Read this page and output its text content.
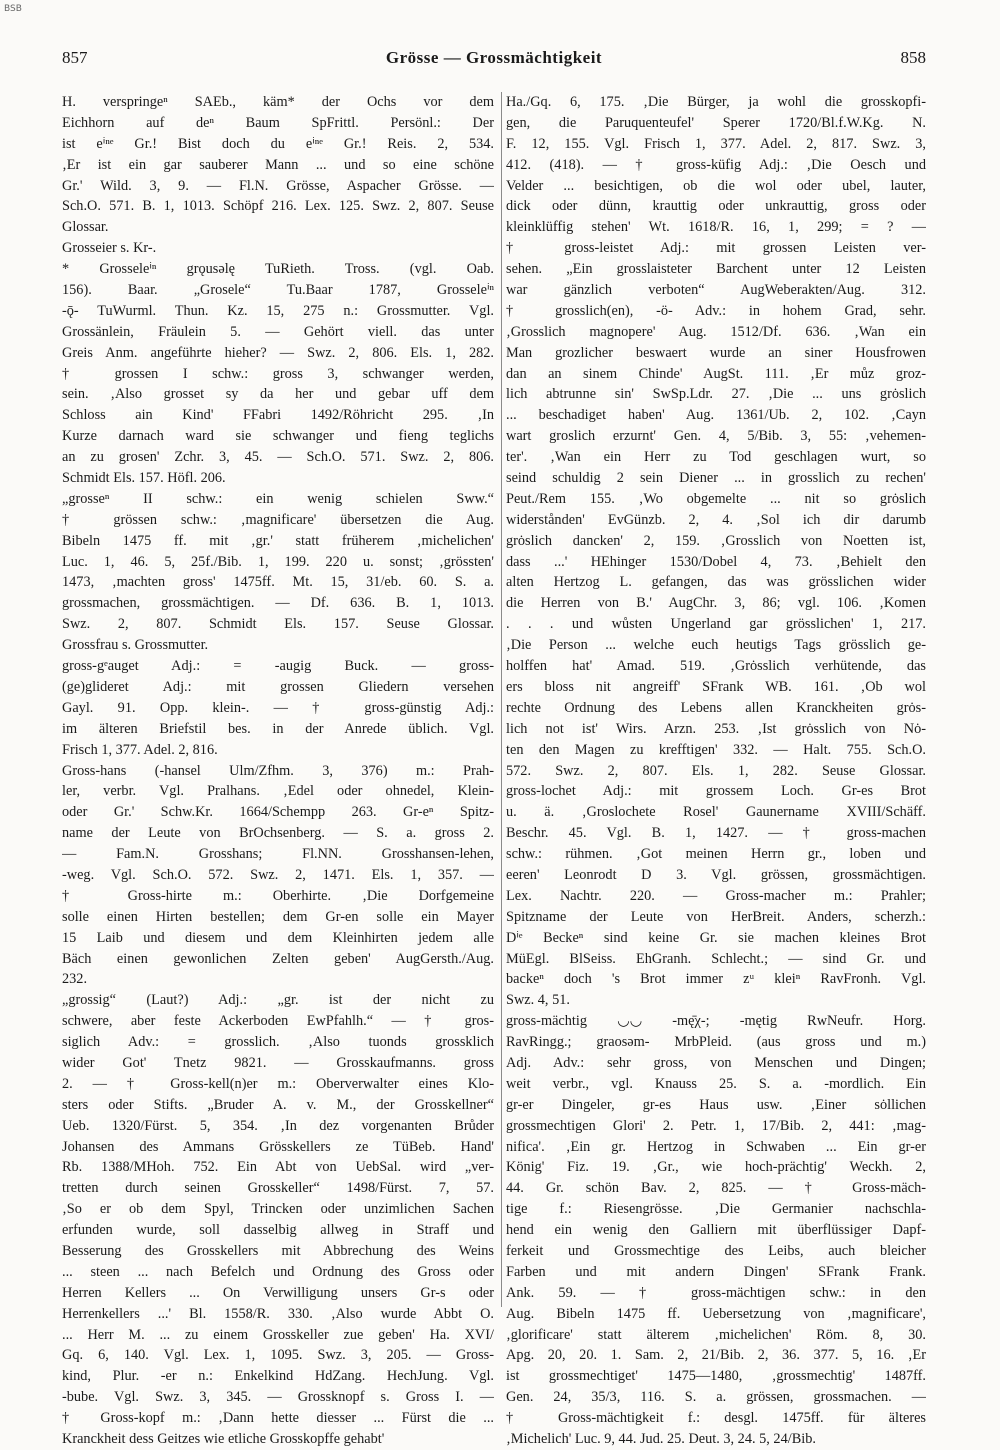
BSB
857	Grösse — Grossmächtigkeit	858
H. verspringeⁿ SAEb., käm* der Ochs vor dem
Eichhorn auf deⁿ Baum SpFrittl. Persönl.: Der
ist eⁱⁿᵉ Gr.! Bist doch du eⁱⁿᵉ Gr.! Reis. 2, 534.
‚Er ist ein gar sauberer Mann ... und so eine schöne
Gr.' Wild. 3, 9. — Fl.N. Grösse, Aspacher Grösse. —
Sch.O. 571. B. 1, 1013. Schöpf 216. Lex. 125. Swz. 2, 807. Seuse
Glossar.
Grosseier s. Kr-.
* Grosseleⁱⁿ grǫusəlę TuRieth. Tross. (vgl. Oab.
156). Baar. „Grosele“ Tu.Baar 1787, Grosseleⁱⁿ
-ǭ- TuWurml. Thun. Kz. 15, 275 n.: Grossmutter. Vgl.
Grossänlein, Fräulein 5. — Gehört viell. das unter
Greis Anm. angeführte hieher? — Swz. 2, 806. Els. 1, 282.
† grossen I schw.: gross 3, schwanger werden,
sein. ‚Also grosset sy da her und gebar uff dem
Schloss ain Kind' FFabri 1492/Röhricht 295. ‚In
Kurze darnach ward sie schwanger und fieng teglichs
an zu grosen' Zchr. 3, 45. — Sch.O. 571. Swz. 2, 806.
Schmidt Els. 157. Höfl. 206.
„grosseⁿ II schw.: ein wenig schielen Sww.“
† grössen schw.: ‚magnificare' übersetzen die Aug.
Bibeln 1475 ff. mit ‚gr.' statt früherem ‚michelichen'
Luc. 1, 46. 5, 25f./Bib. 1, 199. 220 u. sonst; ‚grössten'
1473, ‚machten gross' 1475ff. Mt. 15, 31/eb. 60. S. a.
grossmachen, grossmächtigen. — Df. 636. B. 1, 1013.
Swz. 2, 807. Schmidt Els. 157. Seuse Glossar.
Grossfrau s. Grossmutter.
gross-gᵉauget Adj.: = -augig Buck. — gross-
(ge)glideret Adj.: mit grossen Gliedern versehen
Gayl. 91. Opp. klein-. — † gross-günstig Adj.:
im älteren Briefstil bes. in der Anrede üblich. Vgl.
Frisch 1, 377. Adel. 2, 816.
Gross-hans (-hansel Ulm/Zfhm. 3, 376) m.: Prah-
ler, verbr. Vgl. Pralhans. ‚Edel oder ohnedel, Klein-
oder Gr.' Schw.Kr. 1664/Schempp 263. Gr-eⁿ Spitz-
name der Leute von BrOchsenberg. — S. a. gross 2.
— Fam.N. Grosshans; Fl.NN. Grosshansen-lehen,
-weg. Vgl. Sch.O. 572. Swz. 2, 1471. Els. 1, 357. —
† Gross-hirte m.: Oberhirte. ‚Die Dorfgemeine
solle einen Hirten bestellen; dem Gr-en solle ein Mayer
15 Laib und diesem und dem Kleinhirten jedem alle
Bäch einen gewonlichen Zelten geben' AugGersth./Aug.
232.
„grossig“ (Laut?) Adj.: „gr. ist der nicht zu
schwere, aber feste Ackerboden EwPfahlh.“ — † gros-
siglich Adv.: = grosslich. ‚Also tuonds grossklich
wider Got' Tnetz 9821. — Grosskaufmanns. gross
2. — † Gross-kell(n)er m.: Oberverwalter eines Klo-
sters oder Stifts. „Bruder A. v. M., der Grosskellner“
Ueb. 1320/Fürst. 5, 354. ‚In dez vorgenanten Brůder
Johansen des Ammans Grösskellers ze TüBeb. Hand'
Rb. 1388/MHoh. 752. Ein Abt von UebSal. wird „ver-
tretten durch seinen Grosskeller“ 1498/Fürst. 7, 57.
‚So er ob dem Spyl, Trincken oder unzimlichen Sachen
erfunden wurde, soll dasselbig allweg in Straff und
Besserung des Grosskellers mit Abbrechung des Weins
... steen ... nach Befelch und Ordnung des Gross oder
Herren Kellers ... On Verwilligung unsers Gr-s oder
Herrenkellers ...' Bl. 1558/R. 330. ‚Also wurde Abbt O.
... Herr M. ... zu einem Grosskeller zue geben' Ha. XVI/
Gq. 6, 140. Vgl. Lex. 1, 1095. Swz. 3, 205. — Gross-
kind, Plur. -er n.: Enkelkind HdZang. HechJung. Vgl.
-bube. Vgl. Swz. 3, 345. — Grossknopf s. Gross I. —
† Gross-kopf m.: ‚Dann hette diesser ... Fürst die ...
Kranckheit dess Geitzes wie etliche Grosskopffe gehabt'
Ha./Gq. 6, 175. ‚Die Bürger, ja wohl die grosskopfi-
gen, die Paruquenteufel' Sperer 1720/Bl.f.W.Kg. N.
F. 12, 155. Vgl. Frisch 1, 377. Adel. 2, 817. Swz. 3,
412. (418). — † gross-küfig Adj.: ‚Die Oesch und
Velder ... besichtigen, ob die wol oder ubel, lauter,
dick oder dünn, krauttig oder unkrauttig, gross oder
kleinklüffig stehen' Wt. 1618/R. 16, 1, 299; = ? —
† gross-leistet Adj.: mit grossen Leisten ver-
sehen. „Ein grosslaisteter Barchent unter 12 Leisten
war gänzlich verboten“ AugWeberakten/Aug. 312.
† grosslich(en), -ö- Adv.: in hohem Grad, sehr.
‚Grosslich magnopere' Aug. 1512/Df. 636. ‚Wan ein
Man grozlicher beswaert wurde an siner Housfrowen
dan an sinem Chinde' AugSt. 111. ‚Er můz groz-
lich abtrunne sin' SwSp.Ldr. 27. ‚Die ... uns grȯslich
... beschadiget haben' Aug. 1361/Ub. 2, 102. ‚Cayn
wart groslich erzurnt' Gen. 4, 5/Bib. 3, 55: ‚vehemen-
ter'. ‚Wan ein Herr zu Tod geschlagen wurt, so
seind schuldig 2 sein Diener ... in grosslich zu rechen'
Peut./Rem 155. ‚Wo obgemelte ... nit so grȯslich
widerstånden' EvGünzb. 2, 4. ‚Sol ich dir darumb
grȯslich dancken' 2, 159. ‚Grosslich von Noetten ist,
dass ...' HEhinger 1530/Dobel 4, 73. ‚Behielt den
alten Hertzog L. gefangen, das was grösslichen wider
die Herren von B.' AugChr. 3, 86; vgl. 106. ‚Komen
. . . und wůsten Ungerland gar grösslichen' 1, 217.
‚Die Person ... welche euch heutigs Tags grösslich ge-
holffen hat' Amad. 519. ‚Grȯsslich verhütende, das
ers bloss nit angreiff' SFrank WB. 161. ‚Ob wol
rechte Ordnung des Lebens allen Kranckheiten grȯs-
lich not ist' Wirs. Arzn. 253. ‚Ist grȯsslich von Nȯ-
ten den Magen zu krefftigen' 332. — Halt. 755. Sch.O.
572. Swz. 2, 807. Els. 1, 282. Seuse Glossar.
gross-lochet Adj.: mit grossem Loch. Gr-es Brot
u. ä. ‚Groslochete Rosel' Gaunername XVIII/Schäff.
Beschr. 45. Vgl. B. 1, 1427. — † gross-machen
schw.: rühmen. ‚Got meinen Herrn gr., loben und
eeren' Leonrodt D 3. Vgl. grössen, grossmächtigen.
Lex. Nachtr. 220. — Gross-macher m.: Prahler;
Spitzname der Leute von HerBreit. Anders, scherzh.:
Dⁱᵉ Beckeⁿ sind keine Gr. sie machen kleines Brot
MüEgl. BlSeiss. EhGranh. Schlecht.; — sind Gr. und
backeⁿ doch 's Brot immer zᵘ kleiⁿ RavFronh. Vgl.
Swz. 4, 51.
gross-mächtig ◡◡ -mę̄χ-; -mętig RwNeufr. Horg.
RavRingg.; graosəm- MrbPleid. (aus gross und m.)
Adj. Adv.: sehr gross, von Menschen und Dingen;
weit verbr., vgl. Knauss 25. S. a. -mordlich. Ein
gr-er Dingeler, gr-es Haus usw. ‚Einer sȯllichen
grossmechtigen Glori' 2. Petr. 1, 17/Bib. 2, 441: ‚mag-
nifica'. ‚Ein gr. Hertzog in Schwaben ... Ein gr-er
König' Fiz. 19. ‚Gr., wie hoch-prächtig' Weckh. 2,
44. Gr. schön Bav. 2, 825. — † Gross-mäch-
tige f.: Riesengrösse. ‚Die Germanier nachschla-
hend ein wenig den Galliern mit überflüssiger Dapf-
ferkeit und Grossmechtige des Leibs, auch bleicher
Farben und mit andern Dingen' SFrank Frank.
Ank. 59. — † gross-mächtigen schw.: in den
Aug. Bibeln 1475 ff. Uebersetzung von ‚magnificare',
‚glorificare' statt älterem ‚michelichen' Röm. 8, 30.
Apg. 20, 20. 1. Sam. 2, 21/Bib. 2, 36. 377. 5, 16. ‚Er
ist grossmechtiget' 1475—1480, ‚grossmechtig' 1487ff.
Gen. 24, 35/3, 116. S. a. grössen, grossmachen. —
† Gross-mächtigkeit f.: desgl. 1475ff. für älteres
‚Michelich' Luc. 9, 44. Jud. 25. Deut. 3, 24. 5, 24/Bib.
